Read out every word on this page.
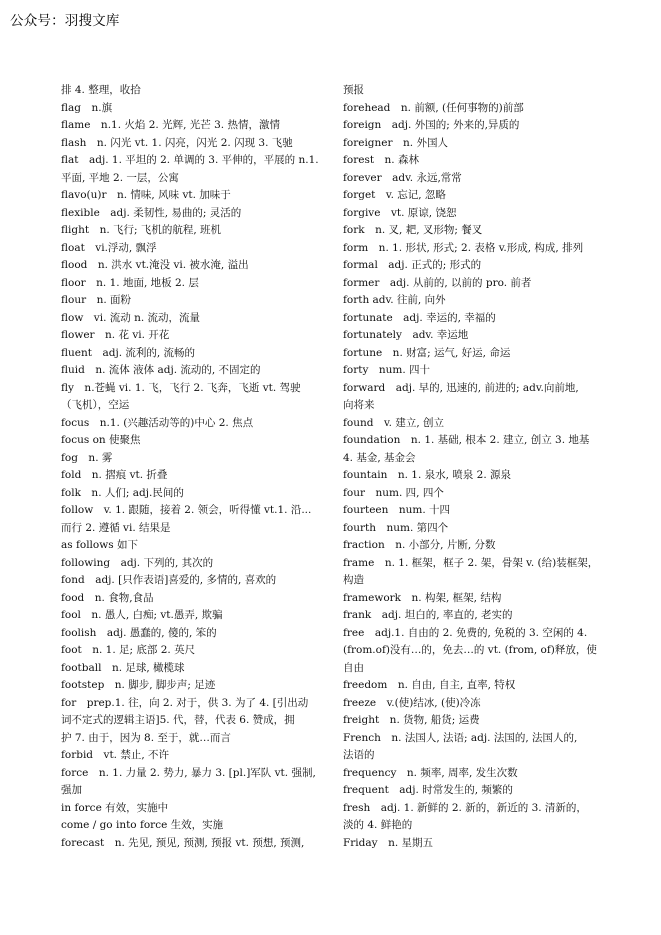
公众号：羽搜文库
排 4. 整理，收拾
flag　n.旗
flame　n.1. 火焰 2. 光辉, 光芒 3. 热情，激情
flash　n. 闪光 vt. 1. 闪亮，闪光 2. 闪现 3. 飞驰
flat　adj. 1. 平坦的 2. 单调的 3. 平伸的，平展的 n.1.
平面, 平地 2. 一层，公寓
flavo(u)r　n. 情味, 风味 vt. 加味于
flexible　adj. 柔韧性, 易曲的; 灵活的
flight　n. 飞行; 飞机的航程, 班机
float　vi.浮动, 飘浮
flood　n. 洪水 vt.淹没 vi. 被水淹, 溢出
floor　n. 1. 地面, 地板 2. 层
flour　n. 面粉
flow　vi. 流动 n. 流动，流量
flower　n. 花 vi. 开花
fluent　adj. 流利的, 流畅的
fluid　n. 流体 液体 adj. 流动的, 不固定的
fly　n.苍蝇 vi. 1. 飞，飞行 2. 飞奔，飞逝 vt. 驾驶
（飞机），空运
focus　n.1. (兴趣活动等的)中心 2. 焦点
focus on 使聚焦
fog　n. 雾
fold　n. 摺痕 vt. 折叠
folk　n. 人们; adj.民间的
follow　v. 1. 跟随，接着 2. 领会，听得懂 vt.1. 沿...
而行 2. 遵循 vi. 结果是
as follows 如下
following　adj. 下列的, 其次的
fond　adj. [只作表语]喜爱的, 多情的, 喜欢的
food　n. 食物,食品
fool　n. 愚人, 白痴; vt.愚弄, 欺骗
foolish　adj. 愚蠢的, 傻的, 笨的
foot　n. 1. 足; 底部 2. 英尺
football　n. 足球, 橄榄球
footstep　n. 脚步, 脚步声; 足迹
for　prep.1. 往，向 2. 对于，供 3. 为了 4. [引出动
词不定式的逻辑主语]5. 代，替，代表 6. 赞成，拥
护 7. 由于，因为 8. 至于，就…而言
forbid　vt. 禁止, 不许
force　n. 1. 力量 2. 势力, 暴力 3. [pl.]军队 vt. 强制,
强加
in force 有效，实施中
come / go into force 生效，实施
forecast　n. 先见, 预见, 预测, 预报 vt. 预想, 预测,
预报
forehead　n. 前额, (任何事物的)前部
foreign　adj. 外国的; 外来的,异质的
foreigner　n. 外国人
forest　n. 森林
forever　adv. 永远,常常
forget　v. 忘记, 忽略
forgive　vt. 原谅, 饶恕
fork　n. 叉, 耙, 叉形物; 餐叉
form　n. 1. 形状, 形式; 2. 表格 v.形成, 构成, 排列
formal　adj. 正式的; 形式的
former　adj. 从前的, 以前的 pro. 前者
forth adv. 往前, 向外
fortunate　adj. 幸运的, 幸福的
fortunately　adv. 幸运地
fortune　n. 财富; 运气, 好运, 命运
forty　num. 四十
forward　adj. 早的, 迅速的, 前进的; adv.向前地,
向将来
found　v. 建立, 创立
foundation　n. 1. 基础, 根本 2. 建立, 创立 3. 地基
4. 基金, 基金会
fountain　n. 1. 泉水, 喷泉 2. 源泉
four　num. 四, 四个
fourteen　num. 十四
fourth　num. 第四个
fraction　n. 小部分, 片断, 分数
frame　n. 1. 框架，框子 2. 架，骨架 v. (给)装框架，
构造
framework　n. 构架, 框架, 结构
frank　adj. 坦白的, 率直的, 老实的
free　adj.1. 自由的 2. 免费的, 免税的 3. 空闲的 4.
(from.of)没有…的，免去…的 vt. (from, of)释放，使
自由
freedom　n. 自由, 自主, 直率, 特权
freeze　v.(使)结冰, (使)冷冻
freight　n. 货物, 船货; 运费
French　n. 法国人, 法语; adj. 法国的, 法国人的,
法语的
frequency　n. 频率, 周率, 发生次数
frequent　adj. 时常发生的, 频繁的
fresh　adj. 1. 新鲜的 2. 新的，新近的 3. 清新的，
淡的 4. 鲜艳的
Friday　n. 星期五
